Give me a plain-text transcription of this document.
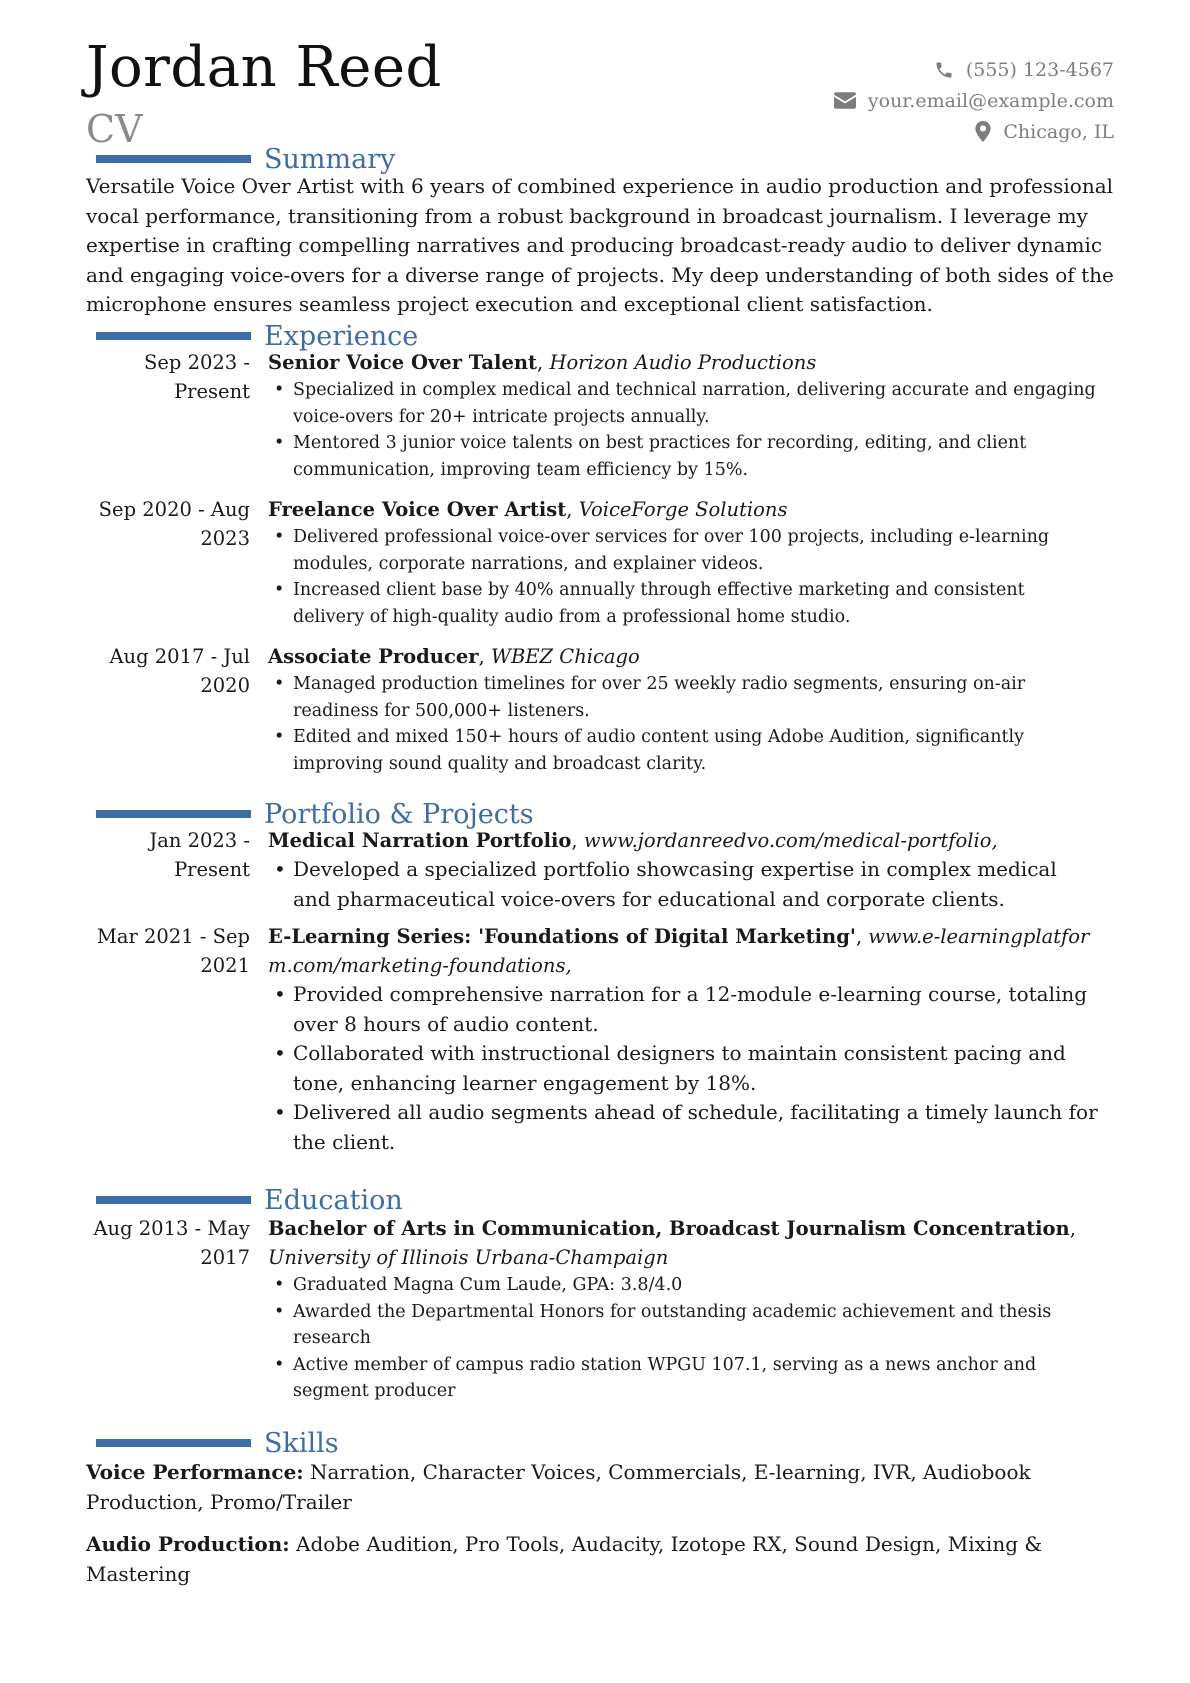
Jordan Reed
CV
(555) 123-4567
your.email@example.com
Chicago, IL
Summary

Versatile Voice Over Artist with 6 years of combined experience in audio production and professional vocal performance, transitioning from a robust background in broadcast journalism. I leverage my expertise in crafting compelling narratives and producing broadcast-ready audio to deliver dynamic and engaging voice-overs for a diverse range of projects. My deep understanding of both sides of the microphone ensures seamless project execution and exceptional client satisfaction.

Experience
Sep 2023 - Present

Senior Voice Over Talent, Horizon Audio Productions

• Specialized in complex medical and technical narration, delivering accurate and engaging voice-overs for 20+ intricate projects annually.
• Mentored 3 junior voice talents on best practices for recording, editing, and client communication, improving team efficiency by 15%.
Sep 2020 - Aug 2023

Freelance Voice Over Artist, VoiceForge Solutions

• Delivered professional voice-over services for over 100 projects, including e-learning modules, corporate narrations, and explainer videos.
• Increased client base by 40% annually through effective marketing and consistent delivery of high-quality audio from a professional home studio.
Aug 2017 - Jul 2020

Associate Producer, WBEZ Chicago

• Managed production timelines for over 25 weekly radio segments, ensuring on-air readiness for 500,000+ listeners.
• Edited and mixed 150+ hours of audio content using Adobe Audition, significantly improving sound quality and broadcast clarity.
Portfolio & Projects
Jan 2023 - Present

Medical Narration Portfolio, www.jordanreedvo.com/medical-portfolio,

• Developed a specialized portfolio showcasing expertise in complex medical and pharmaceutical voice-overs for educational and corporate clients.
Mar 2021 - Sep 2021

E-Learning Series: 'Foundations of Digital Marketing', www.e-learningplatform.com/marketing-foundations,

• Provided comprehensive narration for a 12-module e-learning course, totaling over 8 hours of audio content.
• Collaborated with instructional designers to maintain consistent pacing and tone, enhancing learner engagement by 18%.
• Delivered all audio segments ahead of schedule, facilitating a timely launch for the client.
Education
Aug 2013 - May 2017

Bachelor of Arts in Communication, Broadcast Journalism Concentration, University of Illinois Urbana-Champaign

• Graduated Magna Cum Laude, GPA: 3.8/4.0
• Awarded the Departmental Honors for outstanding academic achievement and thesis research
• Active member of campus radio station WPGU 107.1, serving as a news anchor and segment producer
Skills

Voice Performance: Narration, Character Voices, Commercials, E-learning, IVR, Audiobook Production, Promo/Trailer

Audio Production: Adobe Audition, Pro Tools, Audacity, Izotope RX, Sound Design, Mixing & Mastering
